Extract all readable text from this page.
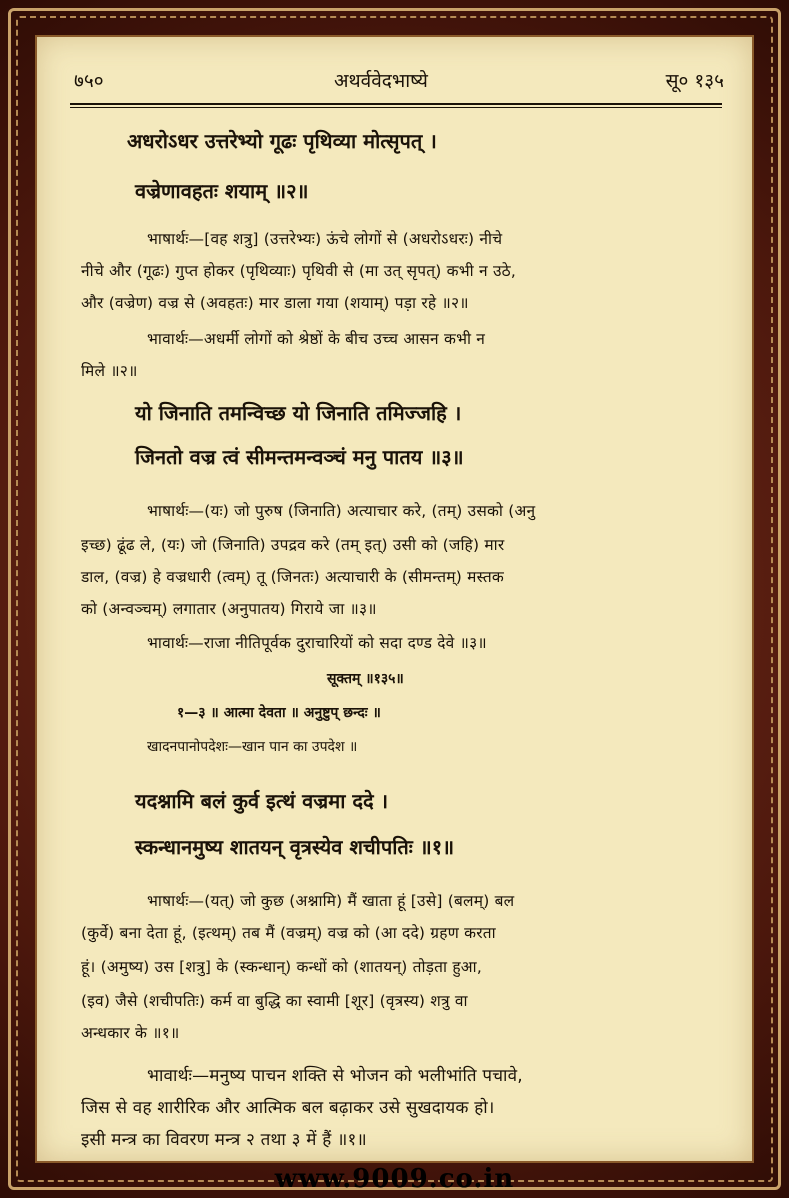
७५०	अथर्ववेदभाष्ये	सू० १३५
अधरोऽधर उत्तरेभ्यो गूढः पृथिव्या मोत्सृपत् ।
वज्रेणावहतः शयाम् ॥२॥
भाषार्थः—[वह शत्रु] (उत्तरेभ्यः) ऊंचे लोगों से (अधरोऽधरः) नीचे
नीचे और (गूढः) गुप्त होकर (पृथिव्याः) पृथिवी से (मा उत् सृपत्) कभी न उठे,
और (वज्रेण) वज्र से (अवहतः) मार डाला गया (शयाम्) पड़ा रहे ॥२॥
भावार्थः—अधर्मी लोगों को श्रेष्ठों के बीच उच्च आसन कभी न
मिले ॥२॥
यो जिनाति तमन्विच्छ यो जिनाति तमिज्जहि ।
जिनतो वज्र त्वं सीमन्तमन्वञ्चं मनु पातय ॥३॥
भाषार्थः—(यः) जो पुरुष (जिनाति) अत्याचार करे, (तम्) उसको (अनु
इच्छ) ढूंढ ले, (यः) जो (जिनाति) उपद्रव करे (तम् इत्) उसी को (जहि) मार
डाल, (वज्र) हे वज्रधारी (त्वम्) तू (जिनतः) अत्याचारी के (सीमन्तम्) मस्तक
को (अन्वञ्चम्) लगातार (अनुपातय) गिराये जा ॥३॥
भावार्थः—राजा नीतिपूर्वक दुराचारियों को सदा दण्ड देवे ॥३॥
सूक्तम् ॥१३५॥
१—३ ॥ आत्मा देवता ॥ अनुष्टुप् छन्दः ॥
खादनपानोपदेशः—खान पान का उपदेश ॥
यदश्नामि बलं कुर्व इत्थं वज्रमा ददे ।
स्कन्धानमुष्य शातयन् वृत्रस्येव शचीपतिः ॥१॥
भाषार्थः—(यत्) जो कुछ (अश्नामि) मैं खाता हूं [उसे] (बलम्) बल
(कुर्वे) बना देता हूं, (इत्थम्) तब मैं (वज्रम्) वज्र को (आ ददे) ग्रहण करता
हूं। (अमुष्य) उस [शत्रु] के (स्कन्धान्) कन्धों को (शातयन्) तोड़ता हुआ,
(इव) जैसे (शचीपतिः) कर्म वा बुद्धि का स्वामी [शूर] (वृत्रस्य) शत्रु वा
अन्धकार के ॥१॥
भावार्थः—मनुष्य पाचन शक्ति से भोजन को भलीभांति पचावे,
जिस से वह शारीरिक और आत्मिक बल बढ़ाकर उसे सुखदायक हो।
इसी मन्त्र का विवरण मन्त्र २ तथा ३ में हैं ॥१॥
www.9009.co.in
